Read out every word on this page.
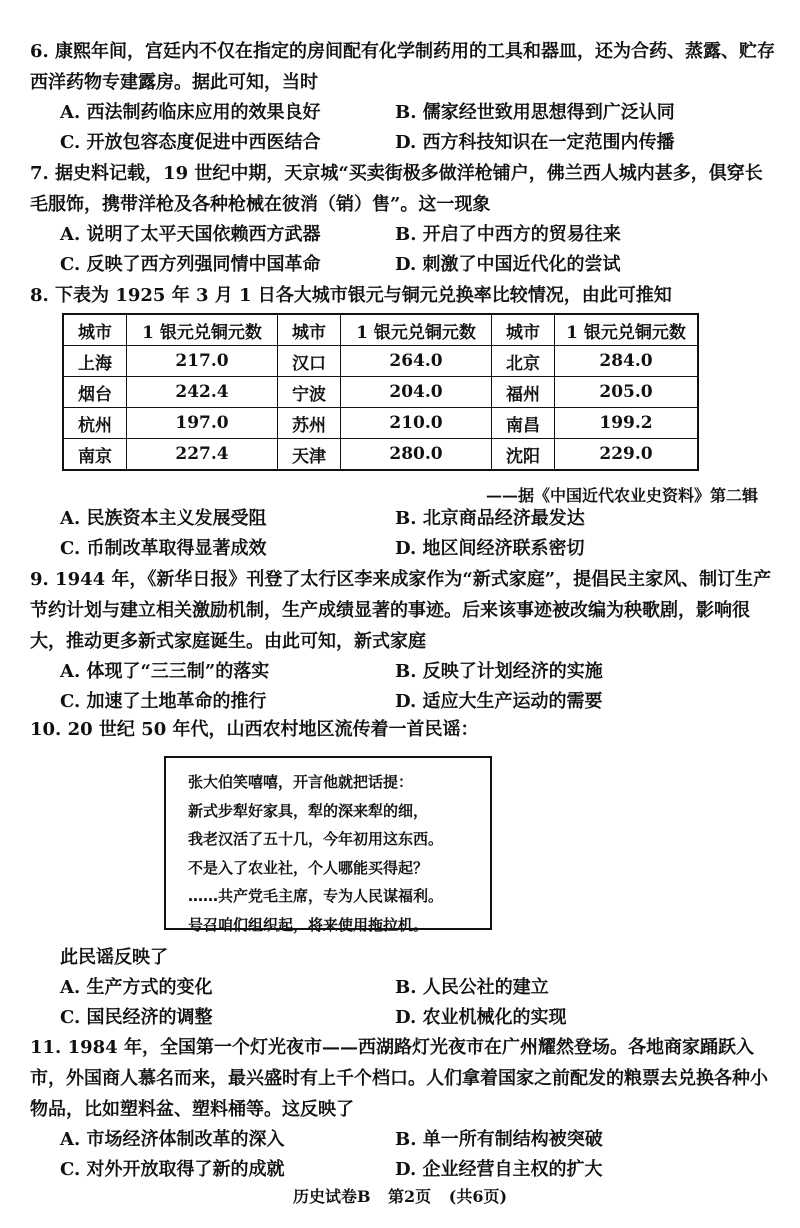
6. 康熙年间，宫廷内不仅在指定的房间配有化学制药用的工具和器皿，还为合药、蒸露、贮存西洋药物专建露房。据此可知，当时

A. 西法制药临床应用的效果良好	B. 儒家经世致用思想得到广泛认同
C. 开放包容态度促进中西医结合	D. 西方科技知识在一定范围内传播

7. 据史料记载，19 世纪中期，天京城“买卖街极多做洋枪铺户，佛兰西人城内甚多，俱穿长毛服饰，携带洋枪及各种枪械在彼消（销）售”。这一现象

A. 说明了太平天国依赖西方武器	B. 开启了中西方的贸易往来
C. 反映了西方列强同情中国革命	D. 刺激了中国近代化的尝试

8. 下表为 1925 年 3 月 1 日各大城市银元与铜元兑换率比较情况，由此可推知

城市	1 银元兑铜元数	城市	1 银元兑铜元数	城市	1 银元兑铜元数
上海	217.0	汉口	264.0	北京	284.0
烟台	242.4	宁波	204.0	福州	205.0
杭州	197.0	苏州	210.0	南昌	199.2
南京	227.4	天津	280.0	沈阳	229.0
——据《中国近代农业史资料》第二辑
A. 民族资本主义发展受阻	B. 北京商品经济最发达
C. 币制改革取得显著成效	D. 地区间经济联系密切

9. 1944 年，《新华日报》刊登了太行区李来成家作为“新式家庭”，提倡民主家风、制订生产节约计划与建立相关激励机制，生产成绩显著的事迹。后来该事迹被改编为秧歌剧，影响很大，推动更多新式家庭诞生。由此可知，新式家庭

A. 体现了“三三制”的落实	B. 反映了计划经济的实施
C. 加速了土地革命的推行	D. 适应大生产运动的需要

10. 20 世纪 50 年代，山西农村地区流传着一首民谣：

张大伯笑嘻嘻，开言他就把话提：
新式步犁好家具，犁的深来犁的细，
我老汉活了五十几，今年初用这东西。
不是入了农业社，个人哪能买得起？
……共产党毛主席，专为人民谋福利。
号召咱们组织起，将来使用拖拉机。

此民谣反映了

A. 生产方式的变化	B. 人民公社的建立
C. 国民经济的调整	D. 农业机械化的实现

11. 1984 年，全国第一个灯光夜市——西湖路灯光夜市在广州耀然登场。各地商家踊跃入市，外国商人慕名而来，最兴盛时有上千个档口。人们拿着国家之前配发的粮票去兑换各种小物品，比如塑料盆、塑料桶等。这反映了

A. 市场经济体制改革的深入	B. 单一所有制结构被突破
C. 对外开放取得了新的成就	D. 企业经营自主权的扩大
历史试卷B 第2页 (共6页)
